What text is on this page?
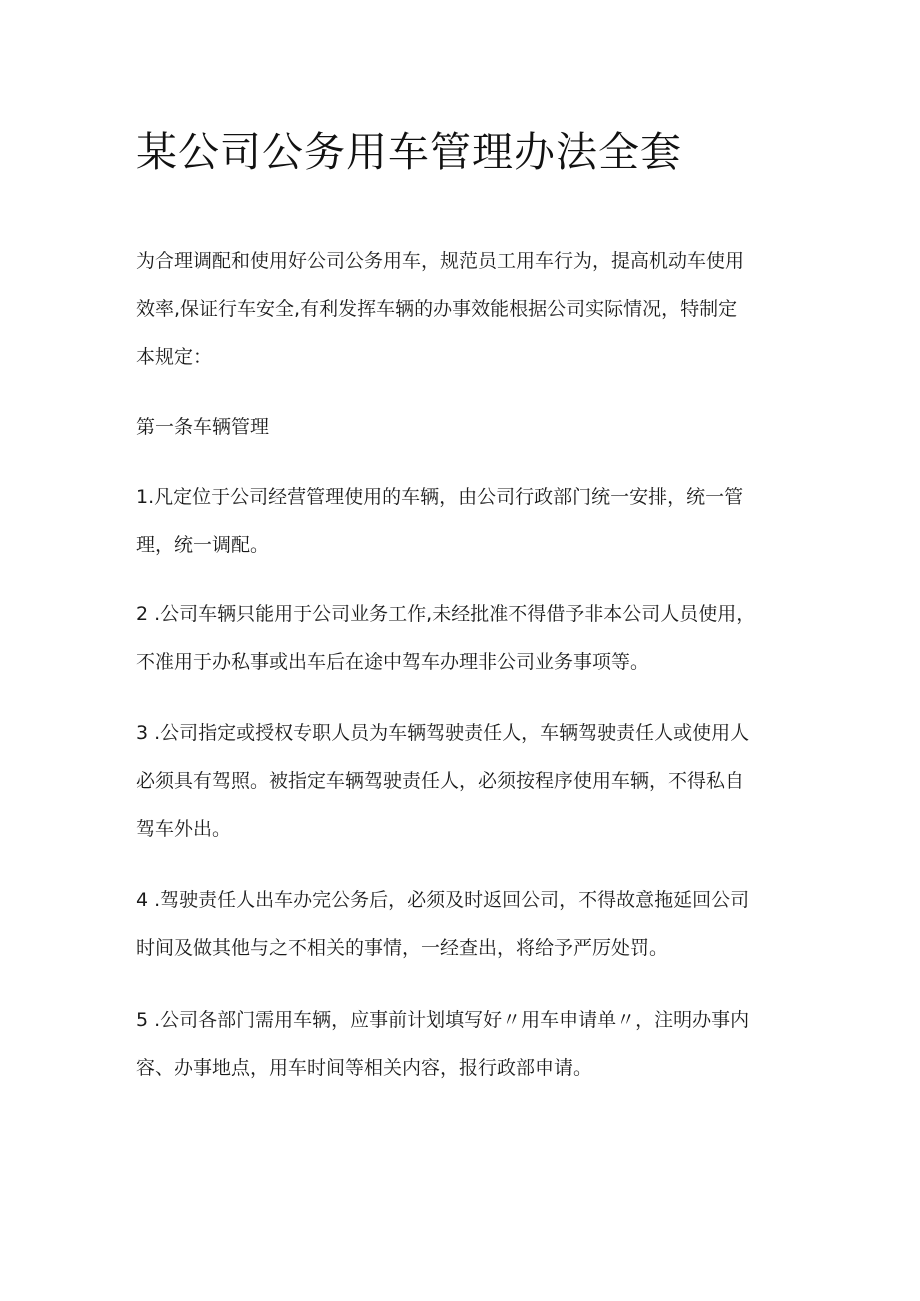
某公司公务用车管理办法全套

为合理调配和使用好公司公务用车，规范员工用车行为，提高机动车使用
效率,保证行车安全,有利发挥车辆的办事效能根据公司实际情况，特制定
本规定：

第一条车辆管理

1.凡定位于公司经营管理使用的车辆，由公司行政部门统一安排，统一管
理，统一调配。

2 .公司车辆只能用于公司业务工作,未经批准不得借予非本公司人员使用，
不准用于办私事或出车后在途中驾车办理非公司业务事项等。

3 .公司指定或授权专职人员为车辆驾驶责任人，车辆驾驶责任人或使用人
必须具有驾照。被指定车辆驾驶责任人，必须按程序使用车辆，不得私自
驾车外出。

4 .驾驶责任人出车办完公务后，必须及时返回公司，不得故意拖延回公司
时间及做其他与之不相关的事情，一经查出，将给予严厉处罚。

5 .公司各部门需用车辆，应事前计划填写好〃用车申请单〃，注明办事内
容、办事地点，用车时间等相关内容，报行政部申请。
